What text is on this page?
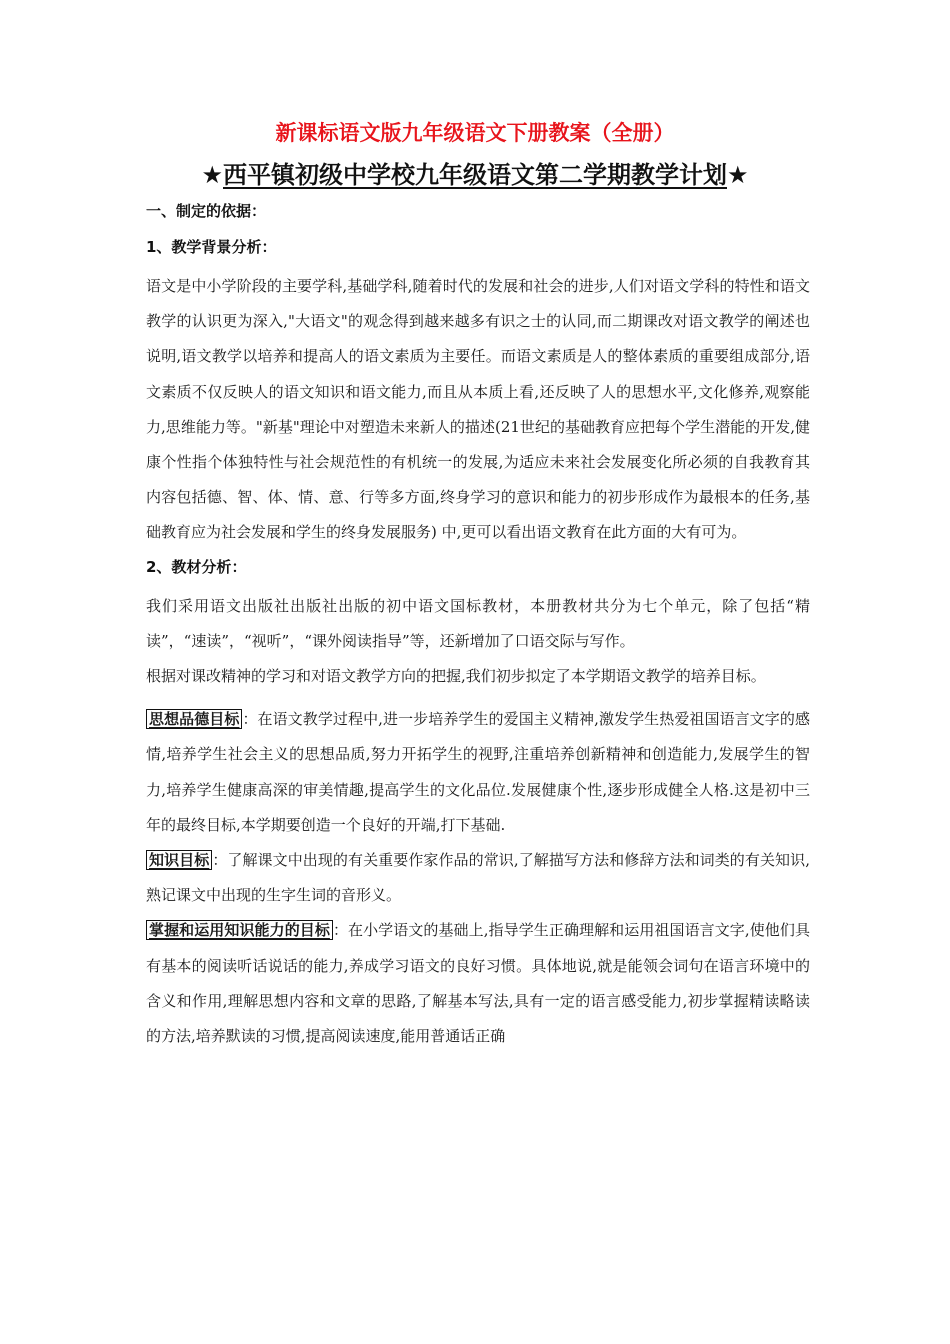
新课标语文版九年级语文下册教案（全册）
★西平镇初级中学校九年级语文第二学期教学计划★

一、制定的依据：

1、教学背景分析：

语文是中小学阶段的主要学科,基础学科,随着时代的发展和社会的进步,人们对语文学科的特性和语文教学的认识更为深入,"大语文"的观念得到越来越多有识之士的认同,而二期课改对语文教学的阐述也说明,语文教学以培养和提高人的语文素质为主要任。而语文素质是人的整体素质的重要组成部分,语文素质不仅反映人的语文知识和语文能力,而且从本质上看,还反映了人的思想水平,文化修养,观察能力,思维能力等。"新基"理论中对塑造未来新人的描述(21世纪的基础教育应把每个学生潜能的开发,健康个性指个体独特性与社会规范性的有机统一的发展,为适应未来社会发展变化所必须的自我教育其内容包括德、智、体、情、意、行等多方面,终身学习的意识和能力的初步形成作为最根本的任务,基础教育应为社会发展和学生的终身发展服务) 中,更可以看出语文教育在此方面的大有可为。

2、教材分析：

我们采用语文出版社出版社出版的初中语文国标教材，本册教材共分为七个单元，除了包括“精读”，“速读”，“视听”，“课外阅读指导”等，还新增加了口语交际与写作。

根据对课改精神的学习和对语文教学方向的把握,我们初步拟定了本学期语文教学的培养目标。

思想品德目标 ：在语文教学过程中,进一步培养学生的爱国主义精神,激发学生热爱祖国语言文字的感情,培养学生社会主义的思想品质,努力开拓学生的视野,注重培养创新精神和创造能力,发展学生的智力,培养学生健康高深的审美情趣,提高学生的文化品位.发展健康个性,逐步形成健全人格.这是初中三年的最终目标,本学期要创造一个良好的开端,打下基础.

知识目标 ：了解课文中出现的有关重要作家作品的常识,了解描写方法和修辞方法和词类的有关知识,熟记课文中出现的生字生词的音形义。

掌握和运用知识能力的目标 ：在小学语文的基础上,指导学生正确理解和运用祖国语言文字,使他们具有基本的阅读听话说话的能力,养成学习语文的良好习惯。具体地说,就是能领会词句在语言环境中的含义和作用,理解思想内容和文章的思路,了解基本写法,具有一定的语言感受能力,初步掌握精读略读的方法,培养默读的习惯,提高阅读速度,能用普通话正确
